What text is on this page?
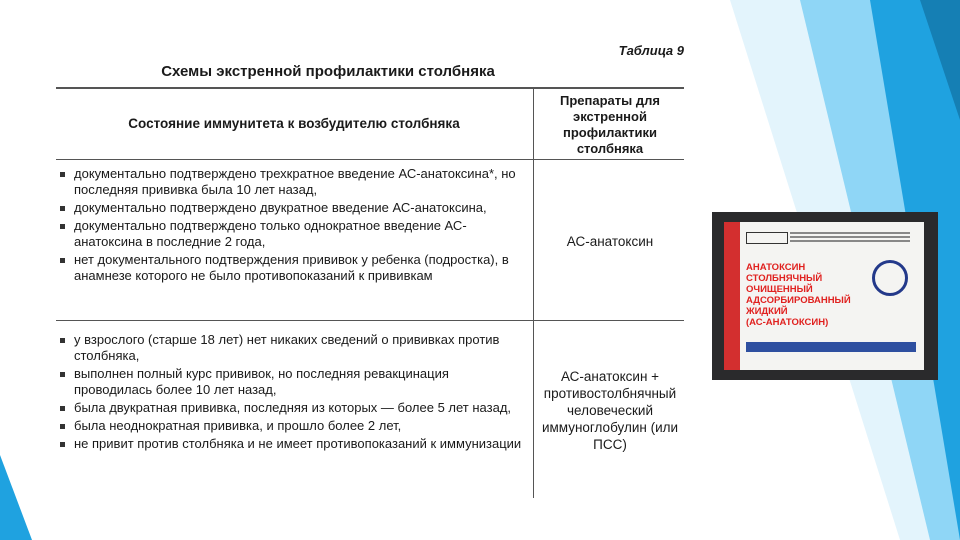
Таблица 9
Схемы экстренной профилактики столбняка
Состояние иммунитета к возбудителю столбняка
Препараты для экстренной профилактики столбняка
документально подтверждено трехкратное введение АС-анатоксина*, но последняя прививка была 10 лет назад,
документально подтверждено двукратное введение АС-анатоксина,
документально подтверждено только однократное введение АС-анатоксина в последние 2 года,
нет документального подтверждения прививок у ребенка (подростка), в анамнезе которого не было противопоказаний к прививкам
АС-анатоксин
у взрослого (старше 18 лет) нет никаких сведений о прививках против столбняка,
выполнен полный курс прививок, но последняя ревакцинация проводилась более 10 лет назад,
была двукратная прививка, последняя из которых — более 5 лет назад,
была неоднократная прививка, и прошло более 2 лет,
не привит против столбняка и не имеет противопоказаний к иммунизации
АС-анатоксин + противостолбнячный человеческий иммуноглобулин (или ПСС)
АНАТОКСИН
СТОЛБНЯЧНЫЙ
ОЧИЩЕННЫЙ
АДСОРБИРОВАННЫЙ
ЖИДКИЙ
(АС-АНАТОКСИН)
